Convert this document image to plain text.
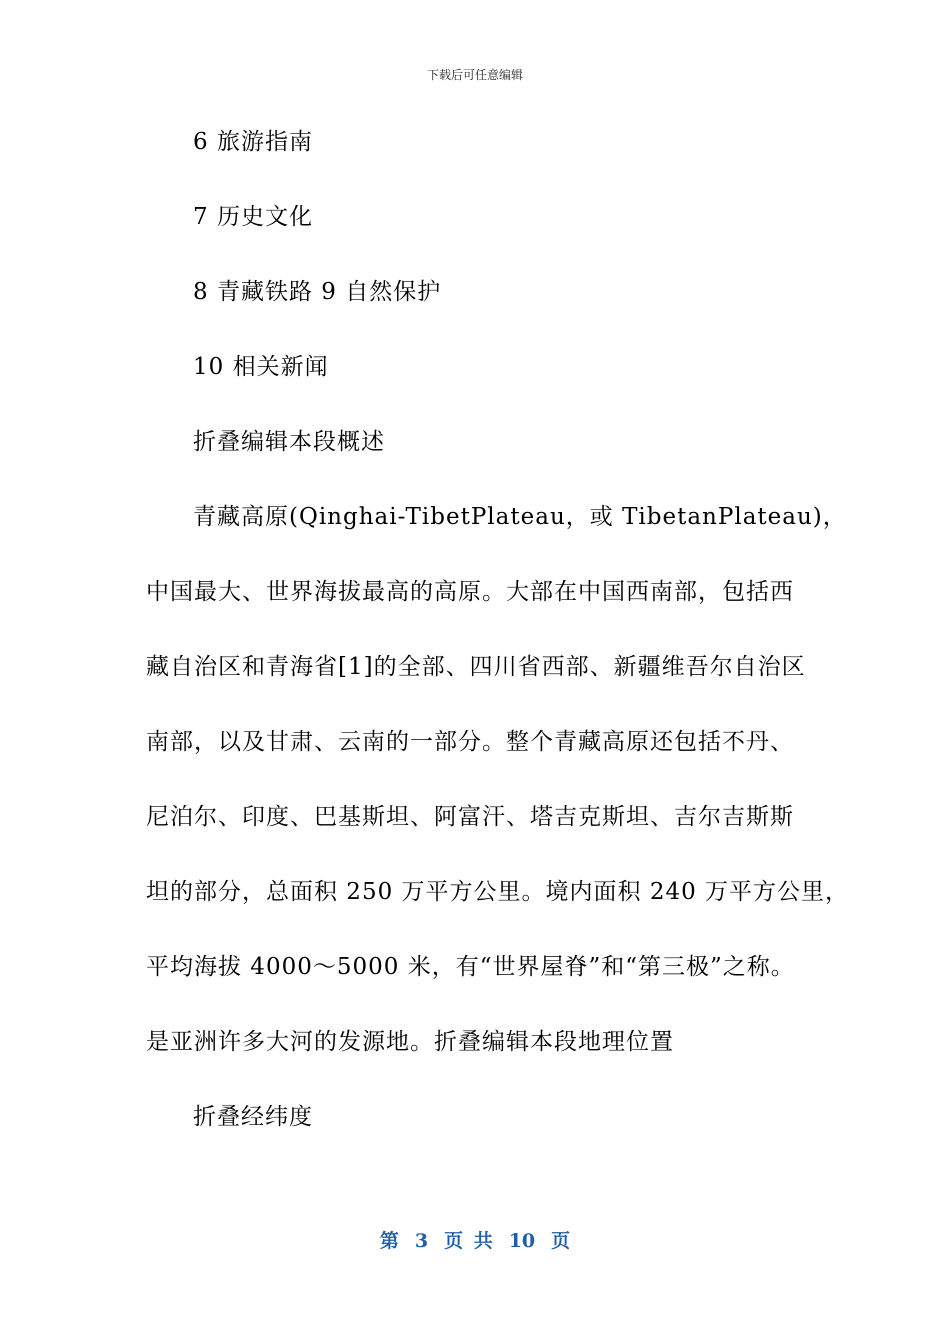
下载后可任意编辑
6 旅游指南
7 历史文化
8 青藏铁路 9 自然保护
10 相关新闻
折叠编辑本段概述
青藏高原(Qinghai-TibetPlateau，或 TibetanPlateau)，
中国最大、世界海拔最高的高原。大部在中国西南部，包括西
藏自治区和青海省[1]的全部、四川省西部、新疆维吾尔自治区
南部，以及甘肃、云南的一部分。整个青藏高原还包括不丹、
尼泊尔、印度、巴基斯坦、阿富汗、塔吉克斯坦、吉尔吉斯斯
坦的部分，总面积 250 万平方公里。境内面积 240 万平方公里，
平均海拔 4000～5000 米，有“世界屋脊”和“第三极”之称。
是亚洲许多大河的发源地。折叠编辑本段地理位置
折叠经纬度
第 3 页 共 10 页
